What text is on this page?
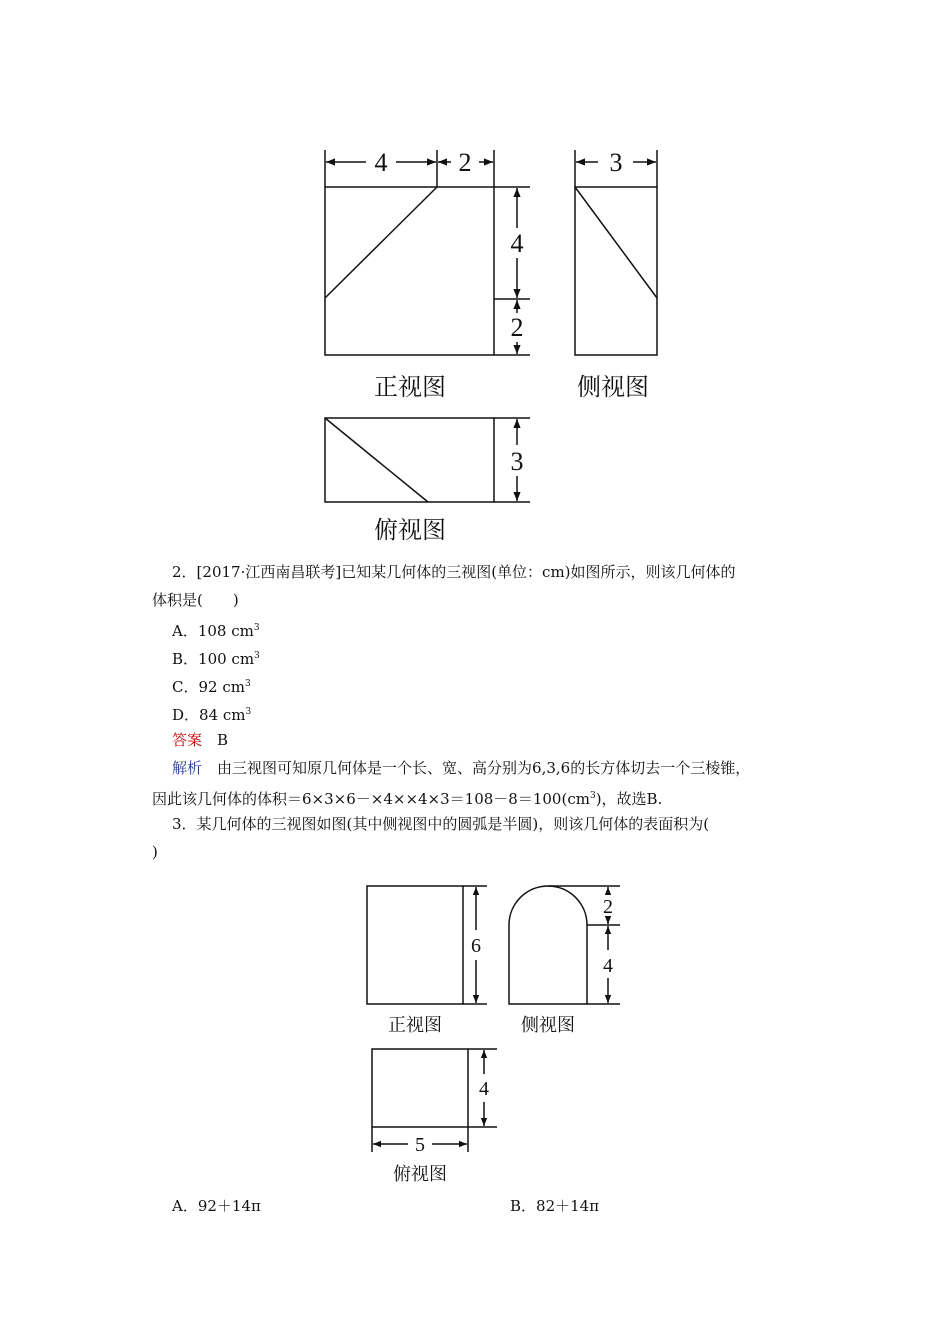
4	2
4
2
3
3
正视图	侧视图
俯视图
2．[2017·江西南昌联考]已知某几何体的三视图(单位：cm)如图所示，则该几何体的
体积是(　　)
A．108 $cm^3$
B．100 $cm^3$
C．92 $cm^3$
D．84 $cm^3$
答案　 B
解析　 由三视图可知原几何体是一个长、宽、高分别为6,3,6的长方体切去一个三棱锥，
因此该几何体的体积$=6\times 3\times 6-\times 4\times\times 4\times 3=108-8=100(cm^3)$，故选B.
3．某几何体的三视图如图(其中侧视图中的圆弧是半圆)，则该几何体的表面积为(
)
6
2
4
4
5
正视图	侧视图
俯视图
A．92＋14π	B．82＋14π
